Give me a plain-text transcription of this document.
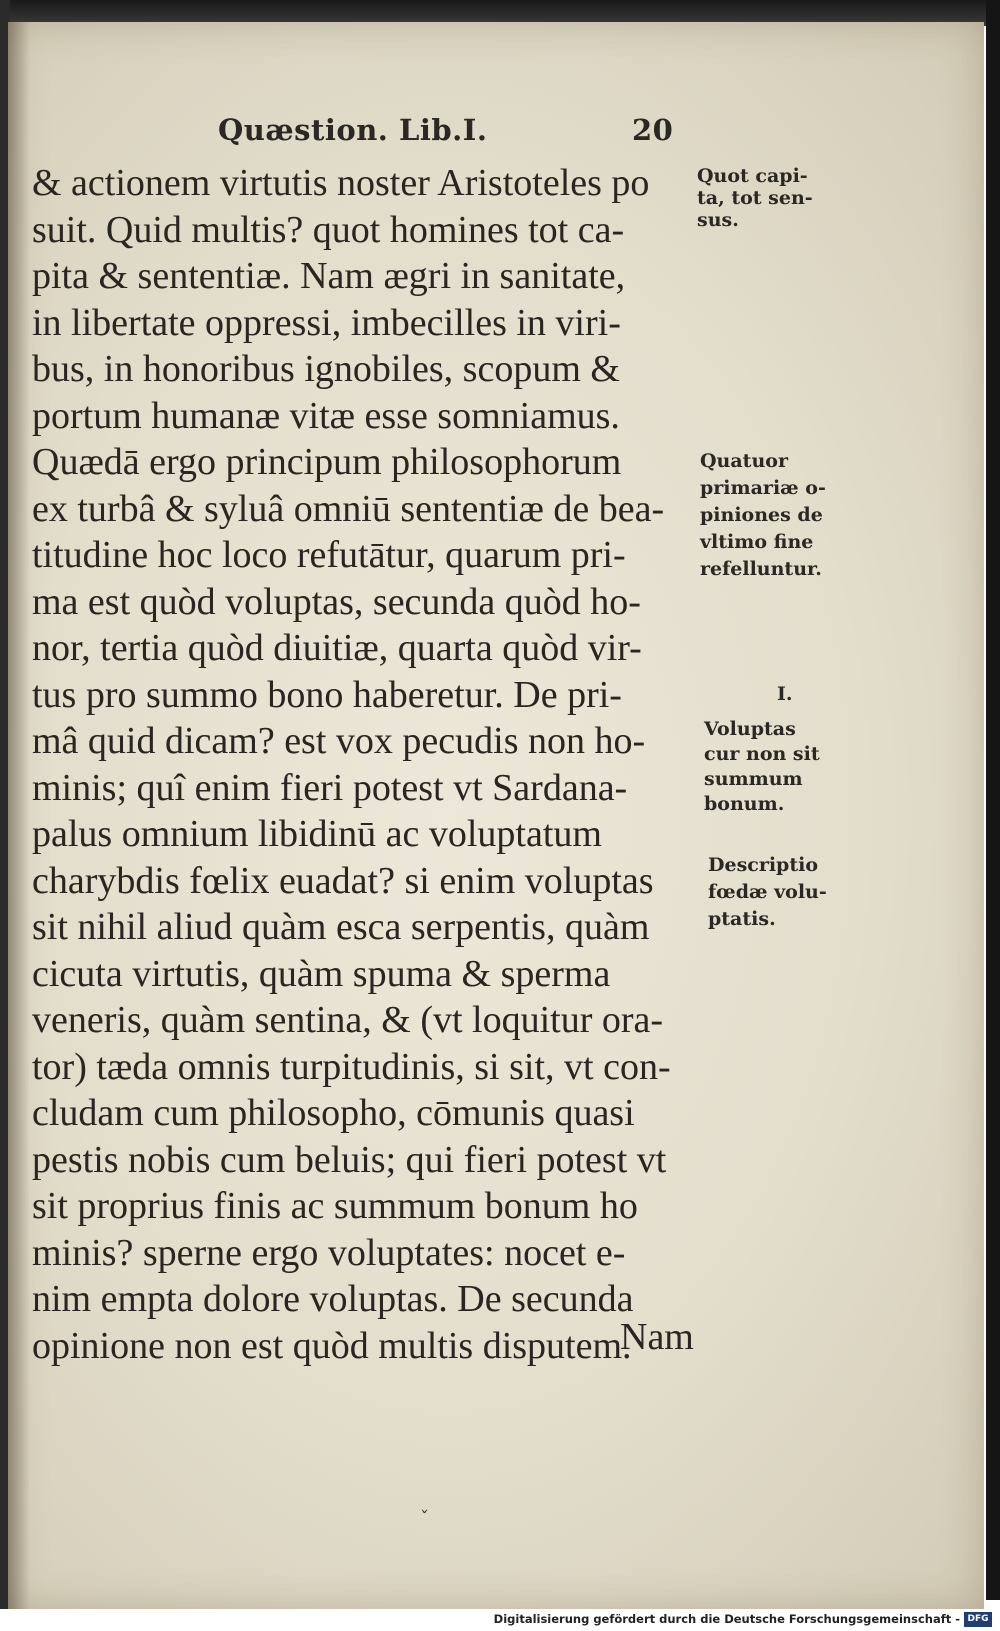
Quæstion. Lib.I.	20
& actionem virtutis noster Aristoteles po
suit. Quid multis? quot homines tot ca-
pita & sententiæ. Nam ægri in sanitate,
in libertate oppressi, imbecilles in viri-
bus, in honoribus ignobiles, scopum &
portum humanæ vitæ esse somniamus.
Quædā ergo principum philosophorum
ex turbâ & syluâ omniū sententiæ de bea-
titudine hoc loco refutātur, quarum pri-
ma est quòd voluptas, secunda quòd ho-
nor, tertia quòd diuitiæ, quarta quòd vir-
tus pro summo bono haberetur. De pri-
mâ quid dicam? est vox pecudis non ho-
minis; quî enim fieri potest vt Sardana-
palus omnium libidinū ac voluptatum
charybdis fœlix euadat? si enim voluptas
sit nihil aliud quàm esca serpentis, quàm
cicuta virtutis, quàm spuma & sperma
veneris, quàm sentina, & (vt loquitur ora-
tor) tæda omnis turpitudinis, si sit, vt con-
cludam cum philosopho, cōmunis quasi
pestis nobis cum beluis; qui fieri potest vt
sit proprius finis ac summum bonum ho
minis? sperne ergo voluptates: nocet e-
nim empta dolore voluptas. De secunda
opinione non est quòd multis disputem.
Nam
Quot capi-
ta, tot sen-
sus.
Quatuor
primariæ o-
piniones de
vltimo fine
refelluntur.
I.
Voluptas
cur non sit
summum
bonum.
Descriptio
fœdæ volu-
ptatis.
ˇ
Digitalisierung gefördert durch die Deutsche Forschungsgemeinschaft - DFG
